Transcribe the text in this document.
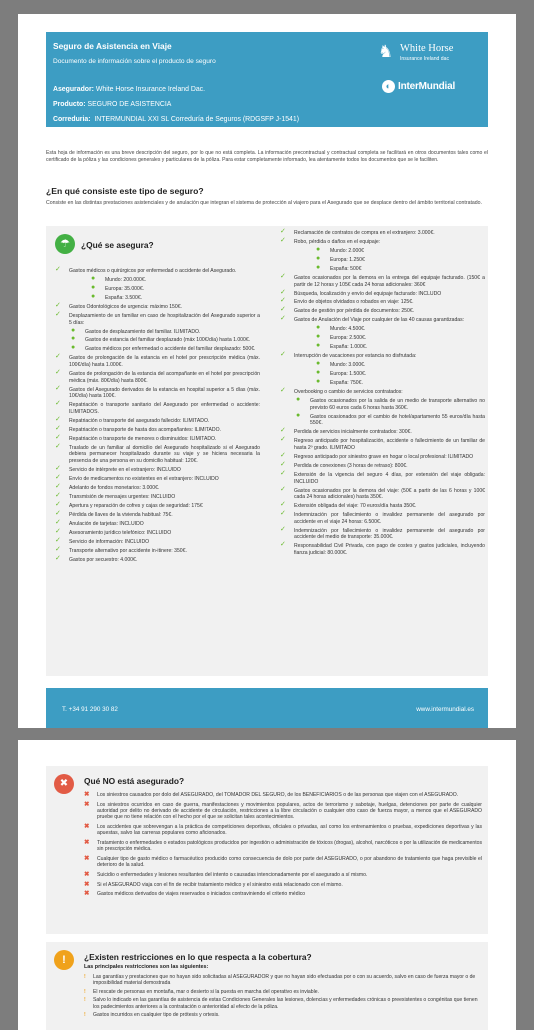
Seguro de Asistencia en Viaje
Documento de información sobre el producto de seguro
Asegurador: White Horse Insurance Ireland Dac.
Producto: SEGURO DE ASISTENCIA
Correduria: INTERMUNDIAL XXI SL Correduría de Seguros (RDGSFP J-1541)
♞ White Horse
Insurance Ireland dac
◐ InterMundial
Esta hoja de información es una breve descripción del seguro, por lo que no está completa. La información precontractual y contractual completa se facilitará en otros documentos tales como el certificado de la póliza y las condiciones generales y particulares de la póliza. Para estar completamente informado, lea atentamente todos los documentos que se le faciliten.
¿En qué consiste este tipo de seguro?
Consiste en las distintas prestaciones asistenciales y de anulación que integran el sistema de protección al viajero para el Asegurado que se desplace dentro del ámbito territorial contratado.
☂	¿Qué se asegura?
✓ Gastos médicos o quirúrgicos por enfermedad o accidente del Asegurado.
● Mundo: 200.000€.
● Europa: 35.000€.
● España: 3.500€.
✓ Gastos Odontológicos de urgencia: máximo 150€.
✓ Desplazamiento de un familiar en caso de hospitalización del Asegurado superior a 5 días:
● Gastos de desplazamiento del familiar. ILIMITADO.
● Gastos de estancia del familiar desplazado (máx 100€/día) hasta 1.000€.
● Gastos médicos por enfermedad o accidente del familiar desplazado: 500€.
✓ Gastos de prolongación de la estancia en el hotel por prescripción médica (máx. 100€/día) hasta 1.000€.
✓ Gastos de prolongación de la estancia del acompañante en el hotel por prescripción médica (máx. 80€/día) hasta 800€.
✓ Gastos del Asegurado derivados de la estancia en hospital superior a 5 días (máx. 10€/día) hasta 100€.
✓ Repatriación o transporte sanitario del Asegurado por enfermedad o accidente: ILIMITADOS.
✓ Repatriación o transporte del asegurado fallecido: ILIMITADO.
✓ Repatriación o transporte de hasta dos acompañantes: ILIMITADO.
✓ Repatriación o transporte de menores o disminuidos: ILIMITADO.
✓ Traslado de un familiar al domicilio del Asegurado hospitalizado si el Asegurado debiera permanecer hospitalizado durante su viaje y se hiciera necesaria la presencia de una persona en su domicilio habitual: 120€.
✓ Servicio de intérprete en el extranjero: INCLUIDO
✓ Envío de medicamentos no existentes en el extranjero: INCLUIDO
✓ Adelanto de fondos monetarios: 3.000€.
✓ Transmisión de mensajes urgentes: INCLUIDO
✓ Apertura y reparación de cofres y cajas de seguridad: 175€
✓ Pérdida de llaves de la vivienda habitual: 75€.
✓ Anulación de tarjetas: INCLUIDO
✓ Asesoramiento jurídico telefónico: INCLUIDO
✓ Servicio de información: INCLUIDO
✓ Transporte alternativo por accidente in-itinere: 350€.
✓ Gastos por secuestro: 4.000€.
✓ Reclamación de contratos de compra en el extranjero: 3.000€.
✓ Robo, pérdida o daños en el equipaje:
● Mundo: 2.000€
● Europa: 1.250€
● España: 500€
✓ Gastos ocasionados por la demora en la entrega del equipaje facturado. (150€ a partir de 12 horas y 105€ cada 24 horas adicionales: 360€
✓ Búsqueda, localización y envío del equipaje facturado: INCLUDO
✓ Envío de objetos olvidados o robados en viaje: 125€.
✓ Gastos de gestión por pérdida de documentos: 250€.
✓ Gastos de Anulación del Viaje por cualquier de las 40 causas garantizadas:
● Mundo: 4.500€.
● Europa: 2.500€.
● España: 1.000€.
✓ Interrupción de vacaciones por estancia no disfrutada:
● Mundo: 3.000€.
● Europa: 1.500€.
● España: 750€.
✓ Overbooking o cambio de servicios contratados:
● Gastos ocasionados por la salida de un medio de transporte alternativo no previsto 60 euros cada 6 horas hasta 360€.
● Gastos ocasionados por el cambio de hotel/apartamento 55 euros/día hasta 550€.
✓ Perdida de servicios inicialmente contratados: 300€.
✓ Regreso anticipado por hospitalización, accidente o fallecimiento de un familiar de hasta 2º grado. ILIMITADO
✓ Regreso anticipado por siniestro grave en hogar o local profesional: ILIMITADO
✓ Perdida de conexiones (3 horas de retraso): 800€.
✓ Extensión de la vigencia del seguro 4 días, por extensión del viaje obligada: INCLUIDO
✓ Gastos ocasionados por la demora del viaje: (50€ a partir de las 6 horas y 100€ cada 24 horas adicionales) hasta 350€.
✓ Extensión obligada del viaje: 70 euros/día hasta 350€.
✓ Indemnización por fallecimiento o invalidez permanente del asegurado por accidente en el viaje 24 horas: 6.500€.
✓ Indemnización por fallecimiento o invalidez permanente del asegurado por accidente del medio de transporte: 35.000€.
✓ Responsabilidad Civil Privada, con pago de costes y gastos judiciales, incluyendo fianza judicial: 80.000€.
T. +34 91 290 30 82	www.intermundial.es
✖	Qué NO está asegurado?
✖ Los siniestros causados por dolo del ASEGURADO, del TOMADOR DEL SEGURO, de los BENEFICIARIOS o de las personas que viajen con el ASEGURADO.
✖ Los siniestros ocurridos en caso de guerra, manifestaciones y movimientos populares, actos de terrorismo y sabotaje, huelgas, detenciones por parte de cualquier autoridad por delito no derivado de accidente de circulación, restricciones a la libre circulación o cualquier otro caso de fuerza mayor, a menos que el ASEGURADO pruebe que no tiene relación con el hecho por el que se solicitan tales acontecimientos.
✖ Los accidentes que sobrevengan a la práctica de competiciones deportivas, oficiales o privadas, así como los entrenamientos o pruebas, expediciones deportivas y las apuestas, salvo las carreras populares como aficionados.
✖ Tratamiento o enfermedades o estados patológicos producidos por ingestión o administración de tóxicos (drogas), alcohol, narcóticos o por la utilización de medicamentos sin prescripción médica.
✖ Cualquier tipo de gasto médico o farmacéutico producido como consecuencia de dolo por parte del ASEGURADO, o por abandono de tratamiento que haga previsible el deterioro de la salud.
✖ Suicidio o enfermedades y lesiones resultantes del intento o causadas intencionadamente por el asegurado a sí mismo.
✖ Si el ASEGURADO viaja con el fin de recibir tratamiento médico y el siniestro está relacionado con el mismo.
✖ Gastos médicos derivados de viajes reservados o iniciados contraviniendo el criterio médico
!	¿Existen restricciones en lo que respecta a la cobertura?
Las principales restricciones son las siguientes:
! Las garantías y prestaciones que no hayan sido solicitadas al ASEGURADOR y que no hayan sido efectuadas por o con su acuerdo, salvo en caso de fuerza mayor o de imposibilidad material demostrada
! El rescate de personas en montaña, mar o desierto si la puesta en marcha del operativo es inviable.
! Salvo lo indicado en las garantías de asistencia de estas Condiciones Generales las lesiones, dolencias y enfermedades crónicas o preexistentes o congénitas que tienen los padecimientos anteriores a la contratación o anterioridad al efecto de la póliza.
! Gastos incurridos en cualquier tipo de prótesis y ortesis.
